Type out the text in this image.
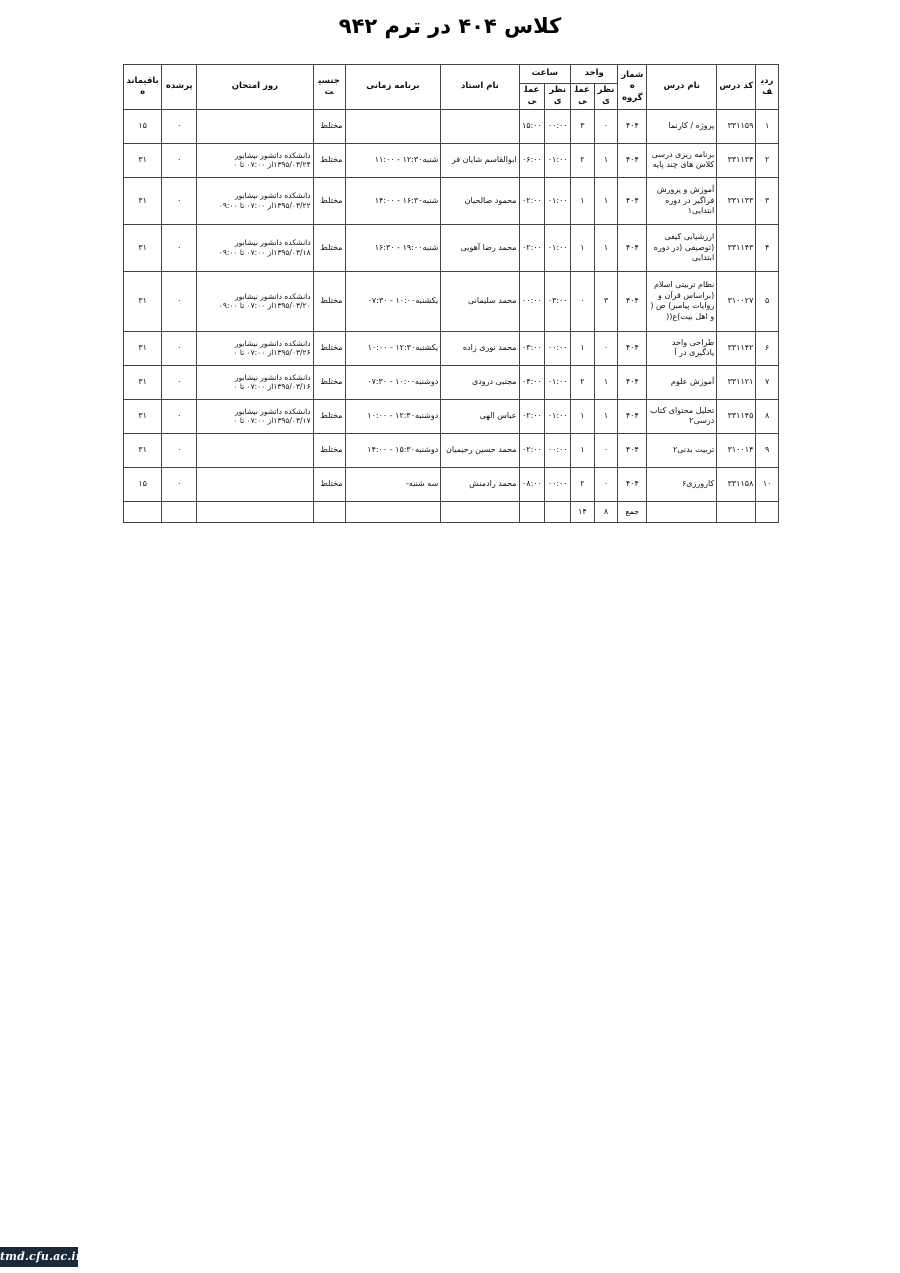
کلاس ۴۰۴ در ترم ۹۴۲
ردیف	کد درس	نام درس	شماره گروه	واحد		ساعت		نام استاد	برنامه زمانی	جنسیت	روز امتحان	پرشده	باقیمانده
				نظری	عملی	نظری	عملی						
۱	۳۳۱۱۵۹	پروژه / کارنما	۴۰۴	۰	۳	۰۰:۰۰	۱۵:۰۰			مختلط		۰	۱۵
۲	۳۳۱۱۳۴	برنامه ریزی درسی کلاس های چند پایه	۴۰۴	۱	۲	۰۱:۰۰	۰۶:۰۰	ابوالقاسم شایان فر	شنبه۱۲:۳۰ - ۱۱:۰۰	مختلط	دانشکده دانشور نیشابور ۱۳۹۵/۰۳/۲۴از ۰۷:۰۰ تا ۰	۰	۳۱
۳	۳۳۱۱۳۳	آموزش و پرورش فراگیر در دوره ابتدایی۱	۴۰۴	۱	۱	۰۱:۰۰	۰۲:۰۰	محمود صالحیان	شنبه۱۶:۳۰ - ۱۴:۰۰	مختلط	دانشکده دانشور نیشابور ۱۳۹۵/۰۳/۲۲از ۰۷:۰۰ تا ۰۹:۰۰	۰	۳۱
۴	۳۳۱۱۴۳	ارزشیابی کیفی (توصیفی (در دوره ابتدایی	۴۰۴	۱	۱	۰۱:۰۰	۰۲:۰۰	محمد رضا آهویی	شنبه۱۹:۰۰ - ۱۶:۳۰	مختلط	دانشکده دانشور نیشابور ۱۳۹۵/۰۳/۱۸از ۰۷:۰۰ تا ۰۹:۰۰	۰	۳۱
۵	۳۱۰۰۲۷	نظام تربیتی اسلام (براساس قرآن و روایات پیامبر) ص ( و اهل بیت)ع((	۴۰۴	۳	۰	۰۳:۰۰	۰۰:۰۰	محمد سلیمانی	یکشنبه۱۰:۰۰ - ۰۷:۳۰	مختلط	دانشکده دانشور نیشابور ۱۳۹۵/۰۳/۲۰از ۰۷:۰۰ تا ۰۹:۰۰	۰	۳۱
۶	۳۳۱۱۴۲	طراحی واحد یادگیری در آ	۴۰۴	۰	۱	۰۰:۰۰	۰۳:۰۰	محمد نوری زاده	یکشنبه۱۲:۳۰ - ۱۰:۰۰	مختلط	دانشکده دانشور نیشابور ۱۳۹۵/۰۳/۲۶از ۰۷:۰۰ تا ۰	۰	۳۱
۷	۳۳۱۱۲۱	آموزش علوم	۴۰۴	۱	۲	۰۱:۰۰	۰۴:۰۰	مجتبی درودی	دوشنبه۱۰:۰۰ - ۰۷:۳۰	مختلط	دانشکده دانشور نیشابور ۱۳۹۵/۰۳/۱۶از ۰۷:۰۰ تا ۰	۰	۳۱
۸	۳۳۱۱۴۵	تحلیل محتوای کتاب درسی۲	۴۰۴	۱	۱	۰۱:۰۰	۰۲:۰۰	عباس الهی	دوشنبه۱۲:۳۰ - ۱۰:۰۰	مختلط	دانشکده دانشور نیشابور ۱۳۹۵/۰۳/۱۷از ۰۷:۰۰ تا ۰	۰	۳۱
۹	۳۱۰۰۱۴	تربیت بدنی۲	۴۰۴	۰	۱	۰۰:۰۰	۰۲:۰۰	محمد حسین رحیمیان	دوشنبه۱۵:۳۰ - ۱۴:۰۰	مختلط		۰	۳۱
۱۰	۳۳۱۱۵۸	کارورزی۶	۴۰۴	۰	۲	۰۰:۰۰	۰۸:۰۰	محمد رادمنش	سه شنبه-	مختلط		۰	۱۵
			جمع	۸	۱۴								
tmd.cfu.ac.ir
